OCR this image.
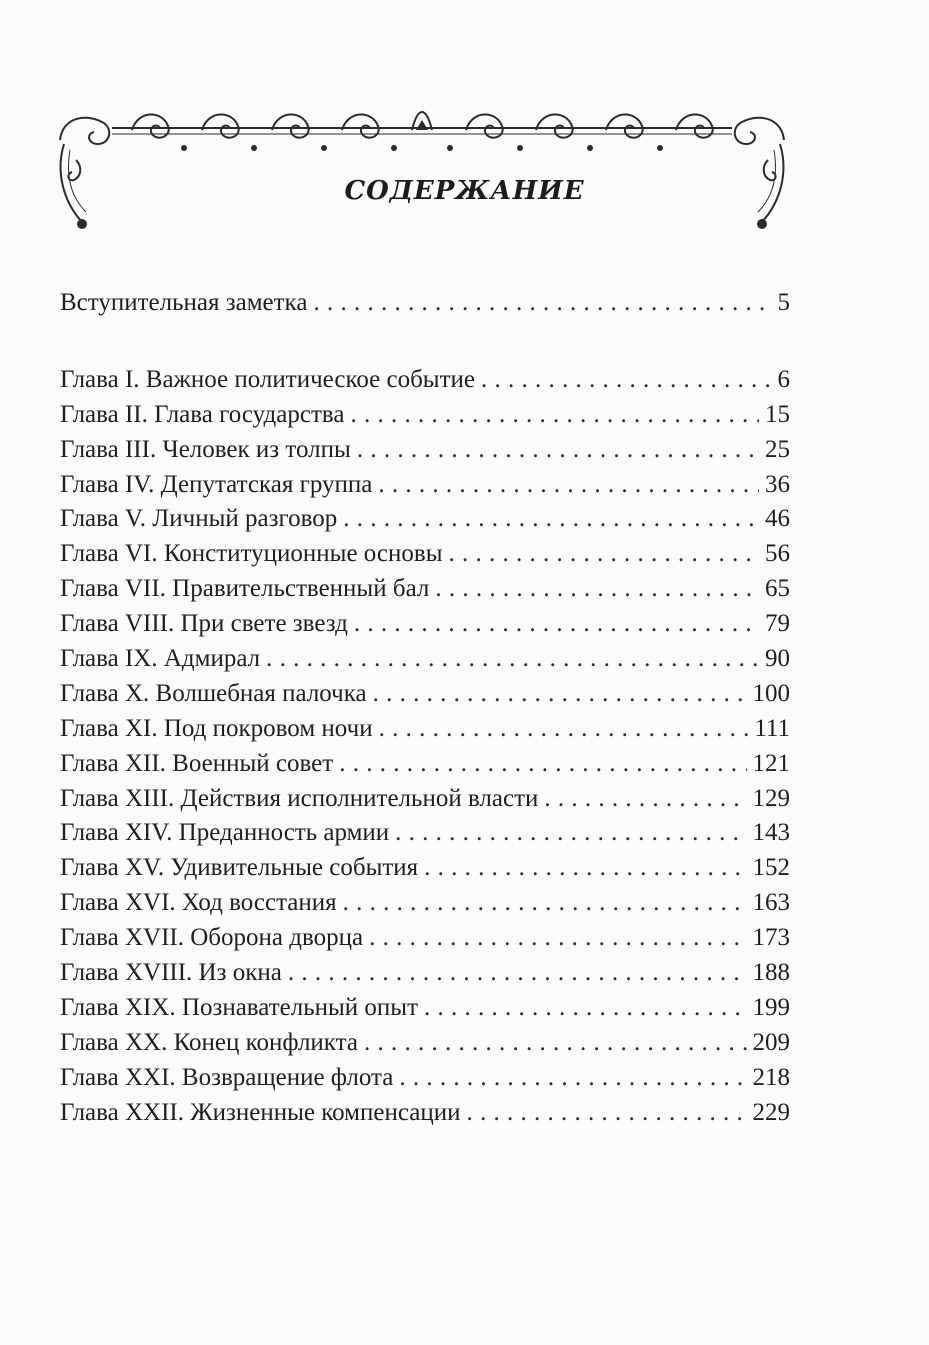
СОДЕРЖАНИЕ
Вступительная заметка . . .	5
Глава I. Важное политическое событие . . .	6
Глава II. Глава государства . . .	15
Глава III. Человек из толпы . . .	25
Глава IV. Депутатская группа . . .	36
Глава V. Личный разговор . . .	46
Глава VI. Конституционные основы . . .	56
Глава VII. Правительственный бал . . .	65
Глава VIII. При свете звезд . . .	79
Глава IX. Адмирал . . .	90
Глава X. Волшебная палочка . . .	100
Глава XI. Под покровом ночи . . .	111
Глава XII. Военный совет . . .	121
Глава XIII. Действия исполнительной власти . . .	129
Глава XIV. Преданность армии . . .	143
Глава XV. Удивительные события . . .	152
Глава XVI. Ход восстания . . .	163
Глава XVII. Оборона дворца . . .	173
Глава XVIII. Из окна . . .	188
Глава XIX. Познавательный опыт . . .	199
Глава XX. Конец конфликта . . .	209
Глава XXI. Возвращение флота . . .	218
Глава XXII. Жизненные компенсации . . .	229
